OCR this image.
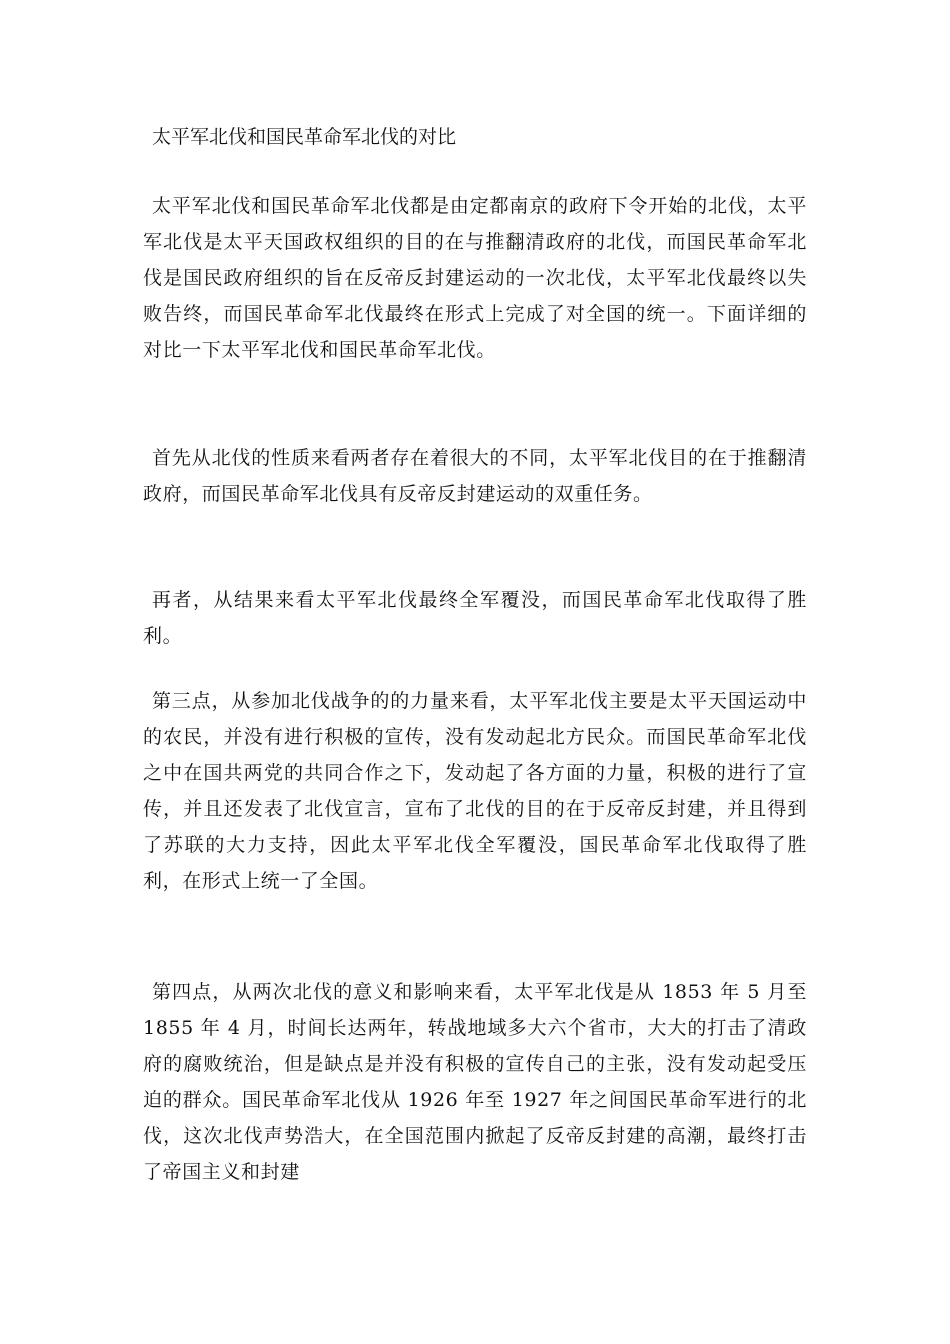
太平军北伐和国民革命军北伐的对比
太平军北伐和国民革命军北伐都是由定都南京的政府下令开始的北伐，太平军北伐是太平天国政权组织的目的在与推翻清政府的北伐，而国民革命军北伐是国民政府组织的旨在反帝反封建运动的一次北伐，太平军北伐最终以失败告终，而国民革命军北伐最终在形式上完成了对全国的统一。下面详细的对比一下太平军北伐和国民革命军北伐。
首先从北伐的性质来看两者存在着很大的不同，太平军北伐目的在于推翻清政府，而国民革命军北伐具有反帝反封建运动的双重任务。
再者，从结果来看太平军北伐最终全军覆没，而国民革命军北伐取得了胜利。
第三点，从参加北伐战争的的力量来看，太平军北伐主要是太平天国运动中的农民，并没有进行积极的宣传，没有发动起北方民众。而国民革命军北伐之中在国共两党的共同合作之下，发动起了各方面的力量，积极的进行了宣传，并且还发表了北伐宣言，宣布了北伐的目的在于反帝反封建，并且得到了苏联的大力支持，因此太平军北伐全军覆没，国民革命军北伐取得了胜利，在形式上统一了全国。
第四点，从两次北伐的意义和影响来看，太平军北伐是从 1853 年 5 月至 1855 年 4 月，时间长达两年，转战地域多大六个省市，大大的打击了清政府的腐败统治，但是缺点是并没有积极的宣传自己的主张，没有发动起受压迫的群众。国民革命军北伐从 1926 年至 1927 年之间国民革命军进行的北伐，这次北伐声势浩大，在全国范围内掀起了反帝反封建的高潮，最终打击了帝国主义和封建
